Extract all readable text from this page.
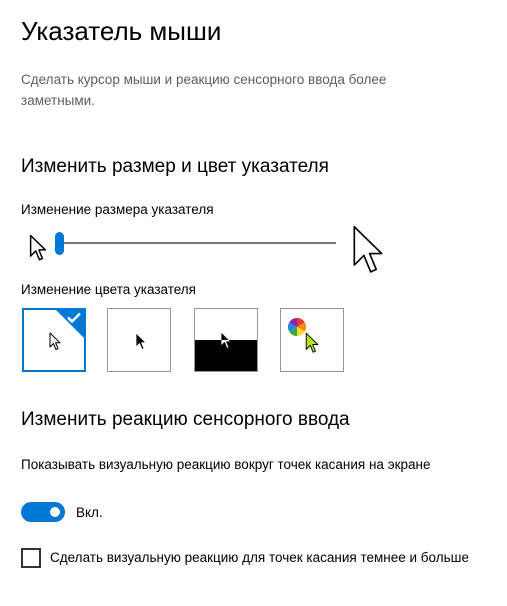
Указатель мыши

Сделать курсор мыши и реакцию сенсорного ввода более заметными.

Изменить размер и цвет указателя

Изменение размера указателя

Изменение цвета указателя

Изменить реакцию сенсорного ввода

Показывать визуальную реакцию вокруг точек касания на экране

Вкл.

Сделать визуальную реакцию для точек касания темнее и больше
